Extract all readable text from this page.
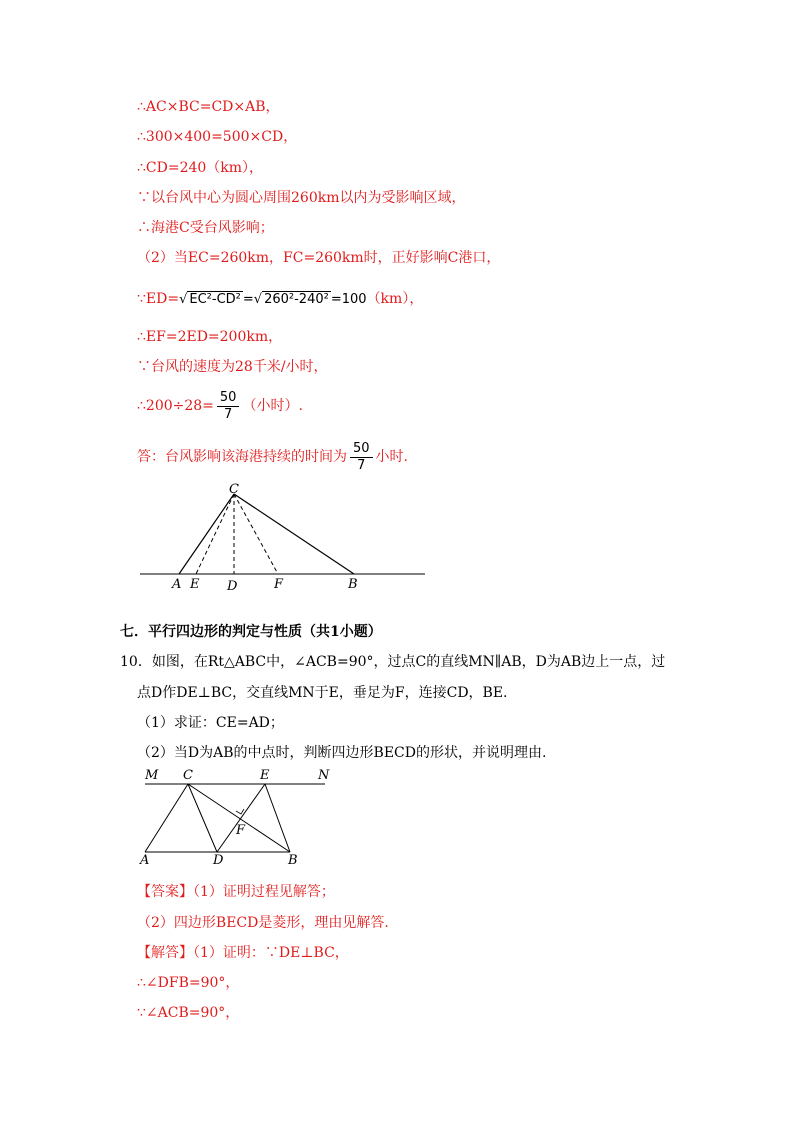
∴AC×BC=CD×AB，
∴300×400=500×CD，
∴CD=240（km），
∵以台风中心为圆心周围260km以内为受影响区域，
∴海港C受台风影响；
（2）当EC=260km，FC=260km时，正好影响C港口，
∵ED=√ EC²-CD² =√ 260²-240² =100（km），
∴EF=2ED=200km，
∵台风的速度为28千米/小时，
∴200÷28= $\frac{50}{7}$ （小时）.
答：台风影响该海港持续的时间为 $\frac{50}{7}$ 小时.
C
A E D	F	B
七．平行四边形的判定与性质（共1小题）
10．如图，在Rt△ABC中，∠ACB=90°，过点C的直线MN∥AB，D为AB边上一点，过
点D作DE⊥BC，交直线MN于E，垂足为F，连接CD，BE.
（1）求证：CE=AD；
（2）当D为AB的中点时，判断四边形BECD的形状，并说明理由.
M C	E	N
F
A	D	B
【答案】（1）证明过程见解答；
（2）四边形BECD是菱形，理由见解答.
【解答】（1）证明：∵DE⊥BC，
∴∠DFB=90°，
∵∠ACB=90°，
